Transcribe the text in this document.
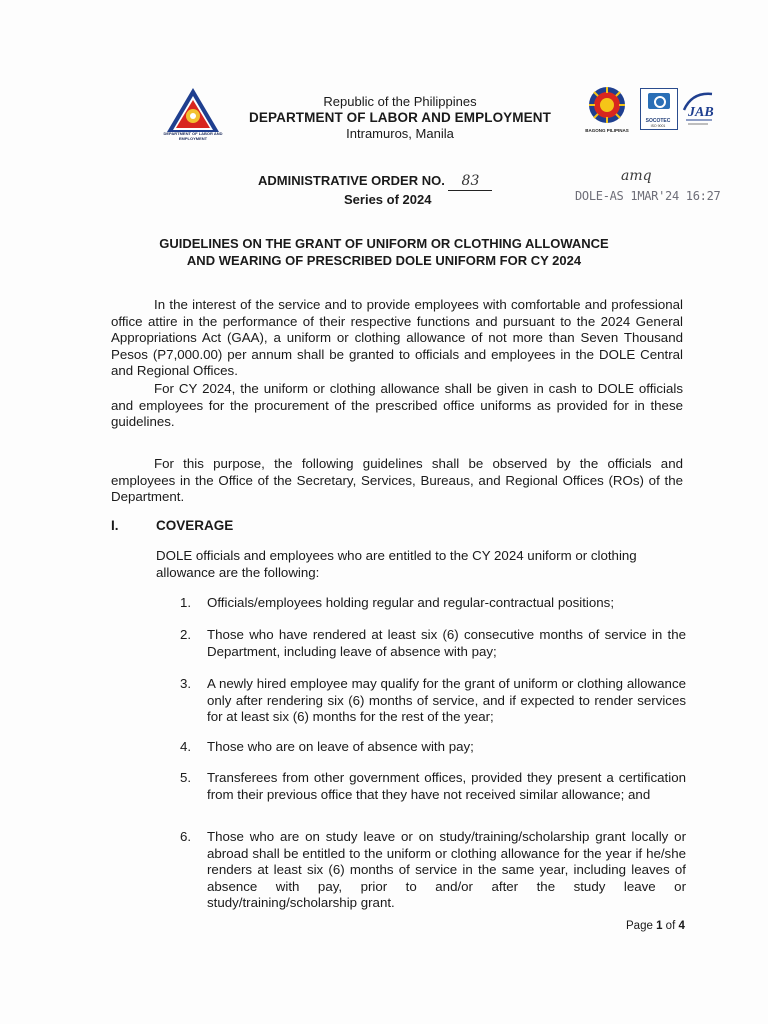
DEPARTMENT OF LABOR AND EMPLOYMENT
Republic of the Philippines
DEPARTMENT OF LABOR AND EMPLOYMENT
Intramuros, Manila	BAGONG PILIPINAS
SOCOTEC
ISO 9001
JAB
ADMINISTRATIVE ORDER NO. 83
Series of 2024
amq
DOLE-AS 1MAR'24 16:27
GUIDELINES ON THE GRANT OF UNIFORM OR CLOTHING ALLOWANCE
AND WEARING OF PRESCRIBED DOLE UNIFORM FOR CY 2024
In the interest of the service and to provide employees with comfortable and professional office attire in the performance of their respective functions and pursuant to the 2024 General Appropriations Act (GAA), a uniform or clothing allowance of not more than Seven Thousand Pesos (P7,000.00) per annum shall be granted to officials and employees in the DOLE Central and Regional Offices.
For CY 2024, the uniform or clothing allowance shall be given in cash to DOLE officials and employees for the procurement of the prescribed office uniforms as provided for in these guidelines.
For this purpose, the following guidelines shall be observed by the officials and employees in the Office of the Secretary, Services, Bureaus, and Regional Offices (ROs) of the Department.
I.	COVERAGE
DOLE officials and employees who are entitled to the CY 2024 uniform or clothing allowance are the following:
1. Officials/employees holding regular and regular-contractual positions;
2. Those who have rendered at least six (6) consecutive months of service in the Department, including leave of absence with pay;
3. A newly hired employee may qualify for the grant of uniform or clothing allowance only after rendering six (6) months of service, and if expected to render services for at least six (6) months for the rest of the year;
4. Those who are on leave of absence with pay;
5. Transferees from other government offices, provided they present a certification from their previous office that they have not received similar allowance; and
6. Those who are on study leave or on study/training/scholarship grant locally or abroad shall be entitled to the uniform or clothing allowance for the year if he/she renders at least six (6) months of service in the same year, including leaves of absence with pay, prior to and/or after the study leave or study/training/scholarship grant.
Page 1 of 4
